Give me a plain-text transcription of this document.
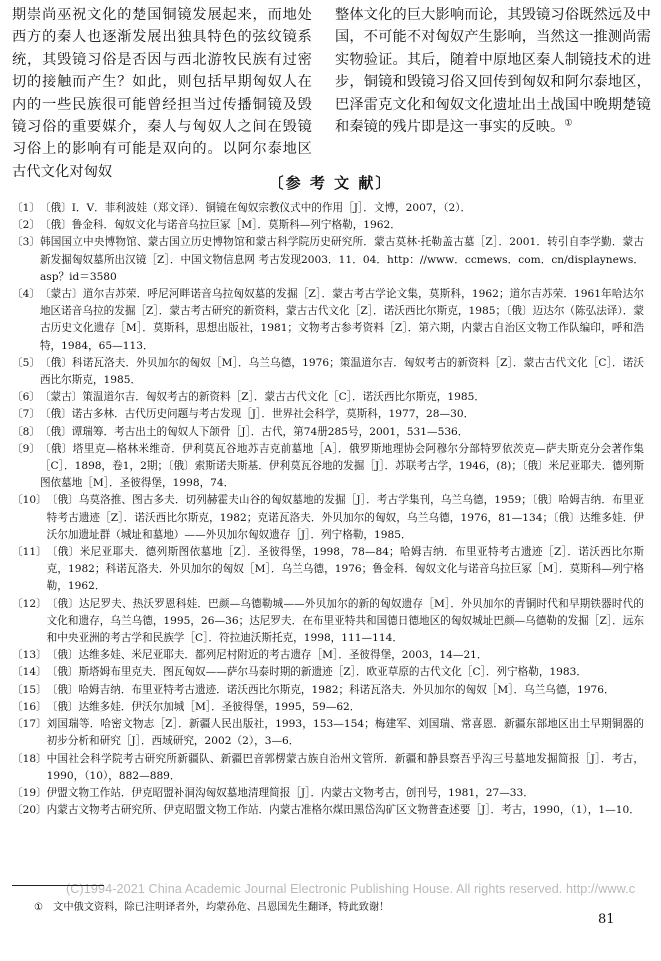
期崇尚巫祝文化的楚国铜镜发展起来，而地处西方的秦人也逐渐发展出独具特色的弦纹镜系统，其毁镜习俗是否因与西北游牧民族有过密切的接触而产生？如此，则包括早期匈奴人在内的一些民族很可能曾经担当过传播铜镜及毁镜习俗的重要媒介，秦人与匈奴人之间在毁镜习俗上的影响有可能是双向的。以阿尔泰地区古代文化对匈奴

整体文化的巨大影响而论，其毁镜习俗既然远及中国，不可能不对匈奴产生影响，当然这一推测尚需实物验证。其后，随着中原地区秦人制镜技术的进步，铜镜和毁镜习俗又回传到匈奴和阿尔泰地区，巴泽雷克文化和匈奴文化遗址出土战国中晚期楚镜和秦镜的残片即是这一事实的反映。①

〔参 考 文 献〕
〔1〕 〔俄〕I．V．菲利波娃（郑文译）．铜镜在匈奴宗教仪式中的作用［J］．文博，2007，（2）．
〔2〕 〔俄〕鲁金科．匈奴文化与诺音乌拉巨冢［M］．莫斯科—列宁格勒，1962．
〔3〕 韩国国立中央博物馆、蒙古国立历史博物馆和蒙古科学院历史研究所．蒙古莫林·托勒盖古墓［Z］．2001．转引自李学勤．蒙古新发掘匈奴墓所出汉镜［Z］．中国文物信息网 考古发现2003．11．04．http：//www．ccmews．com．cn/displaynews．asp？id＝3580
〔4〕 〔蒙古〕道尔吉苏荣．呼尼河畔诺音乌拉匈奴墓的发掘［Z］．蒙古考古学论文集，莫斯科，1962；道尔吉苏荣．1961年哈达尔地区诺音乌拉的发掘［Z］．蒙古考古研究的新资料，蒙古古代文化［Z］．诺沃西比尔斯克，1985；〔俄〕迈达尔（陈弘法译）．蒙古历史文化遗存［M］．莫斯科，思想出版社，1981；文物考古参考资料［Z］．第六期，内蒙古自治区文物工作队编印，呼和浩特，1984，65—113．
〔5〕 〔俄〕科诺瓦洛夫．外贝加尔的匈奴［M］．乌兰乌德，1976；策温道尔吉．匈奴考古的新资料［Z］．蒙古古代文化［C］．诺沃西比尔斯克，1985．
〔6〕 〔蒙古〕策温道尔吉．匈奴考古的新资料［Z］．蒙古古代文化［C］．诺沃西比尔斯克，1985．
〔7〕 〔俄〕诺古多林．古代历史问题与考古发现［J］．世界社会科学，莫斯科，1977，28—30．
〔8〕 〔俄〕谭瑞筹．考古出土的匈奴人下颌骨［J］．古代，第74册285号，2001，531—536．
〔9〕 〔俄〕塔里克—格林米维奇．伊利莫瓦谷地苏吉克前墓地［A］．俄罗斯地理协会阿穆尔分部特罗依茨克—萨夫斯克分会著作集［C］．1898，卷1，2期；〔俄〕索斯诺夫斯基．伊利莫瓦谷地的发掘［J］．苏联考古学，1946，(8)；〔俄〕米尼亚耶夫．德列斯图依墓地［M］．圣彼得堡，1998，74．
〔10〕 〔俄〕乌莫洛推、图古多夫．切列赫霍夫山谷的匈奴墓地的发掘［J］．考古学集刊，乌兰乌德，1959；〔俄〕哈姆吉纳．布里亚特考古遗迹［Z］．诺沃西比尔斯克，1982；克诺瓦洛夫．外贝加尔的匈奴，乌兰乌德，1976，81—134；〔俄〕达维多娃．伊沃尔加遗址群（城址和墓地）——外贝加尔匈奴遗存［J］．列宁格勒，1985．
〔11〕 〔俄〕米尼亚耶夫．德列斯图依墓地［Z］．圣彼得堡，1998，78—84；哈姆吉纳．布里亚特考古遗迹［Z］．诺沃西比尔斯克，1982；科诺瓦洛夫．外贝加尔的匈奴［M］．乌兰乌德，1976；鲁金科．匈奴文化与诺音乌拉巨冢［M］．莫斯科—列宁格勒，1962．
〔12〕 〔俄〕达尼罗夫、热沃罗恩科娃．巴颜—乌德勒城——外贝加尔的新的匈奴遗存［M］．外贝加尔的青铜时代和早期铁器时代的文化和遗存，乌兰乌德，1995，26—36；达尼罗夫．在布里亚特共和国德日德地区的匈奴城址巴颜—乌德勒的发掘［Z］．远东和中央亚洲的考古学和民族学［C］．符拉迪沃斯托克，1998，111—114．
〔13〕 〔俄〕达维多娃、米尼亚耶夫．都列尼村附近的考古遗存［M］．圣彼得堡，2003，14—21．
〔14〕 〔俄〕斯塔姆布里克夫．图瓦匈奴——萨尔马泰时期的新遗迹［Z］．欧亚草原的古代文化［C］．列宁格勒，1983．
〔15〕 〔俄〕哈姆吉纳．布里亚特考古遗迹．诺沃西比尔斯克，1982；科诺瓦洛夫．外贝加尔的匈奴［M］．乌兰乌德，1976．
〔16〕 〔俄〕达维多娃．伊沃尔加城［M］．圣彼得堡，1995，59—62．
〔17〕 刘国瑞等．哈密文物志［Z］．新疆人民出版社，1993，153—154；梅建军、刘国瑞、常喜恩．新疆东部地区出土早期铜器的初步分析和研究［J］．西域研究，2002（2），3—6．
〔18〕 中国社会科学院考古研究所新疆队、新疆巴音郭楞蒙古族自治州文管所．新疆和静县察吾乎沟三号墓地发掘简报［J］．考古，1990，（10），882—889．
〔19〕 伊盟文物工作站．伊克昭盟补洞沟匈奴墓地清理简报［J］．内蒙古文物考古，创刊号，1981，27—33．
〔20〕 内蒙古文物考古研究所、伊克昭盟文物工作站．内蒙古准格尔煤田黑岱沟矿区文物普查述要［J］．考古，1990，（1），1—10．
(C)1994-2021 China Academic Journal Electronic Publishing House. All rights reserved. http://www.c
① 文中俄文资料，除已注明译者外，均蒙孙危、吕恩国先生翻译，特此致谢！
81
